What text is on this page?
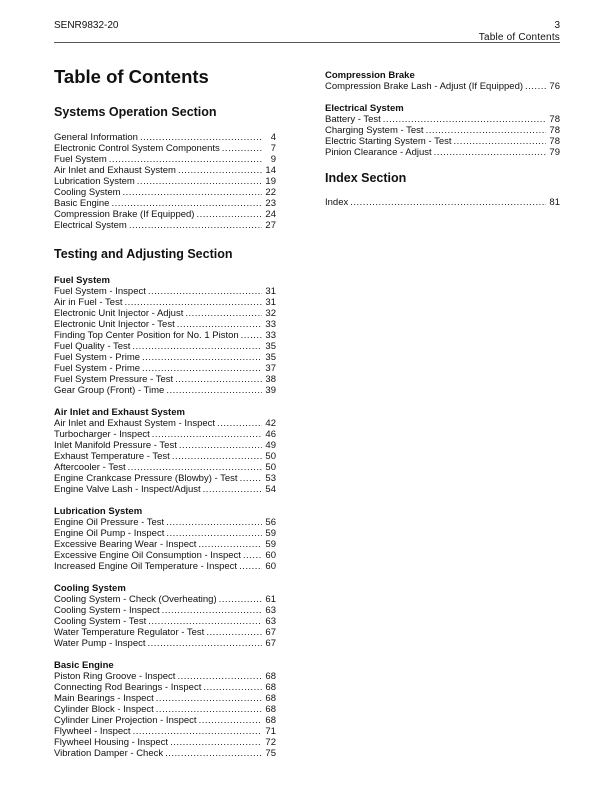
SENR9832-20	3
Table of Contents
Table of Contents
Systems Operation Section
General Information .....	4
Electronic Control System Components .....	7
Fuel System .....	9
Air Inlet and Exhaust System .....	14
Lubrication System .....	19
Cooling System .....	22
Basic Engine .....	23
Compression Brake (If Equipped) .....	24
Electrical System .....	27
Testing and Adjusting Section
Fuel System
Fuel System - Inspect .....	31
Air in Fuel - Test .....	31
Electronic Unit Injector - Adjust .....	32
Electronic Unit Injector - Test .....	33
Finding Top Center Position for No. 1 Piston .....	33
Fuel Quality - Test .....	35
Fuel System - Prime .....	35
Fuel System - Prime .....	37
Fuel System Pressure - Test .....	38
Gear Group (Front) - Time .....	39
Air Inlet and Exhaust System
Air Inlet and Exhaust System - Inspect .....	42
Turbocharger - Inspect .....	46
Inlet Manifold Pressure - Test .....	49
Exhaust Temperature - Test .....	50
Aftercooler - Test .....	50
Engine Crankcase Pressure (Blowby) - Test .....	53
Engine Valve Lash - Inspect/Adjust .....	54
Lubrication System
Engine Oil Pressure - Test .....	56
Engine Oil Pump - Inspect .....	59
Excessive Bearing Wear - Inspect .....	59
Excessive Engine Oil Consumption - Inspect .....	60
Increased Engine Oil Temperature - Inspect .....	60
Cooling System
Cooling System - Check (Overheating) .....	61
Cooling System - Inspect .....	63
Cooling System - Test .....	63
Water Temperature Regulator - Test .....	67
Water Pump - Inspect .....	67
Basic Engine
Piston Ring Groove - Inspect .....	68
Connecting Rod Bearings - Inspect .....	68
Main Bearings - Inspect .....	68
Cylinder Block - Inspect .....	68
Cylinder Liner Projection - Inspect .....	68
Flywheel - Inspect .....	71
Flywheel Housing - Inspect .....	72
Vibration Damper - Check .....	75
Compression Brake
Compression Brake Lash - Adjust (If Equipped) .....	76
Electrical System
Battery - Test .....	78
Charging System - Test .....	78
Electric Starting System - Test .....	78
Pinion Clearance - Adjust .....	79
Index Section
Index .....	81
